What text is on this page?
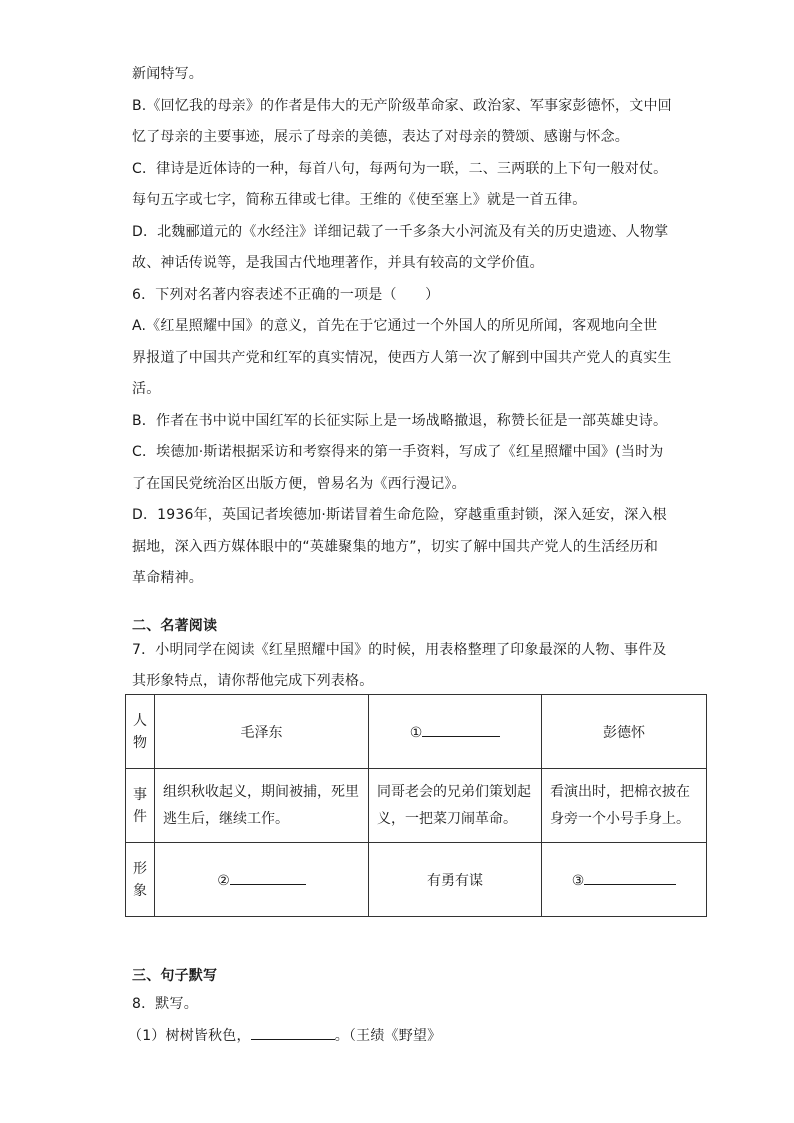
新闻特写。
B.《回忆我的母亲》的作者是伟大的无产阶级革命家、政治家、军事家彭德怀，文中回
忆了母亲的主要事迹，展示了母亲的美德，表达了对母亲的赞颂、感谢与怀念。
C．律诗是近体诗的一种，每首八句，每两句为一联，二、三两联的上下句一般对仗。
每句五字或七字，简称五律或七律。王维的《使至塞上》就是一首五律。
D．北魏郦道元的《水经注》详细记载了一千多条大小河流及有关的历史遗迹、人物掌
故、神话传说等，是我国古代地理著作，并具有较高的文学价值。
6．下列对名著内容表述不正确的一项是（　　）
A.《红星照耀中国》的意义，首先在于它通过一个外国人的所见所闻，客观地向全世
界报道了中国共产党和红军的真实情况，使西方人第一次了解到中国共产党人的真实生
活。
B．作者在书中说中国红军的长征实际上是一场战略撤退，称赞长征是一部英雄史诗。
C．埃德加·斯诺根据采访和考察得来的第一手资料，写成了《红星照耀中国》(当时为
了在国民党统治区出版方便，曾易名为《西行漫记》。
D．1936年，英国记者埃德加·斯诺冒着生命危险，穿越重重封锁，深入延安，深入根
据地，深入西方媒体眼中的“英雄聚集的地方”，切实了解中国共产党人的生活经历和
革命精神。
二、名著阅读
7．小明同学在阅读《红星照耀中国》的时候，用表格整理了印象最深的人物、事件及
其形象特点，请你帮他完成下列表格。
人
物	毛泽东	①	彭德怀

事
件	组织秋收起义，期间被捕，死里逃生后，继续工作。	同哥老会的兄弟们策划起义，一把菜刀闹革命。	看演出时，把棉衣披在身旁一个小号手身上。

形
象	②	有勇有谋	③
三、句子默写
8．默写。
（1）树树皆秋色，	。（王绩《野望》
